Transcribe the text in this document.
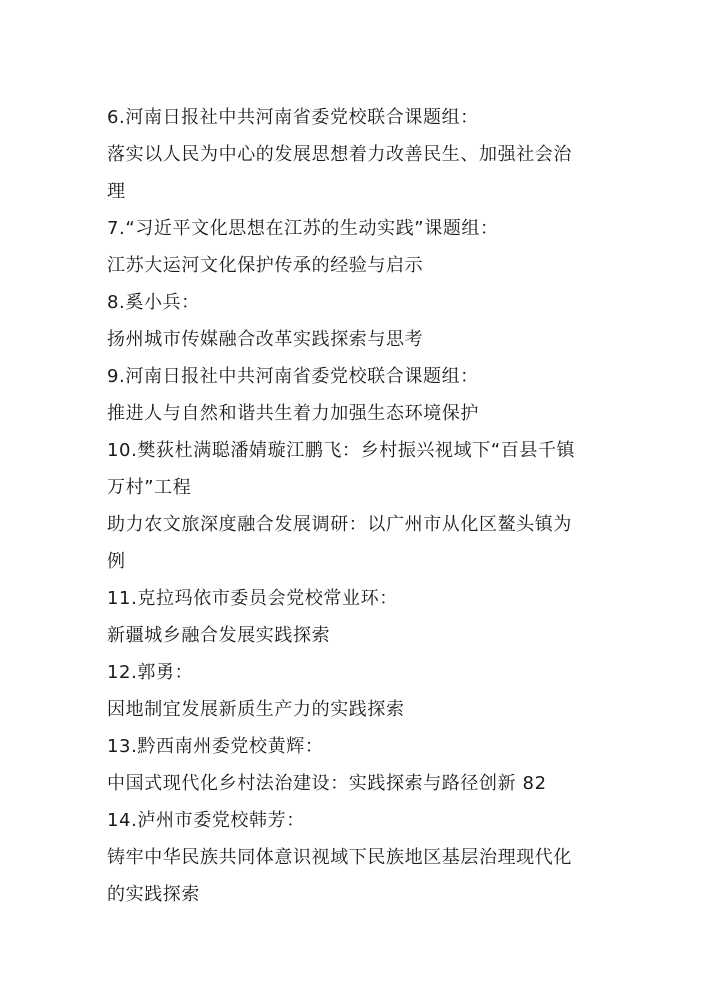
6.河南日报社中共河南省委党校联合课题组：
落实以人民为中心的发展思想着力改善民生、加强社会治
理
7.“习近平文化思想在江苏的生动实践”课题组：
江苏大运河文化保护传承的经验与启示
8.奚小兵：
扬州城市传媒融合改革实践探索与思考
9.河南日报社中共河南省委党校联合课题组：
推进人与自然和谐共生着力加强生态环境保护
10.樊荻杜满聪潘婧璇江鹏飞：乡村振兴视域下“百县千镇
万村”工程
助力农文旅深度融合发展调研：以广州市从化区鳌头镇为
例
11.克拉玛依市委员会党校常业环：
新疆城乡融合发展实践探索
12.郭勇：
因地制宜发展新质生产力的实践探索
13.黔西南州委党校黄辉：
中国式现代化乡村法治建设：实践探索与路径创新 82
14.泸州市委党校韩芳：
铸牢中华民族共同体意识视域下民族地区基层治理现代化
的实践探索
